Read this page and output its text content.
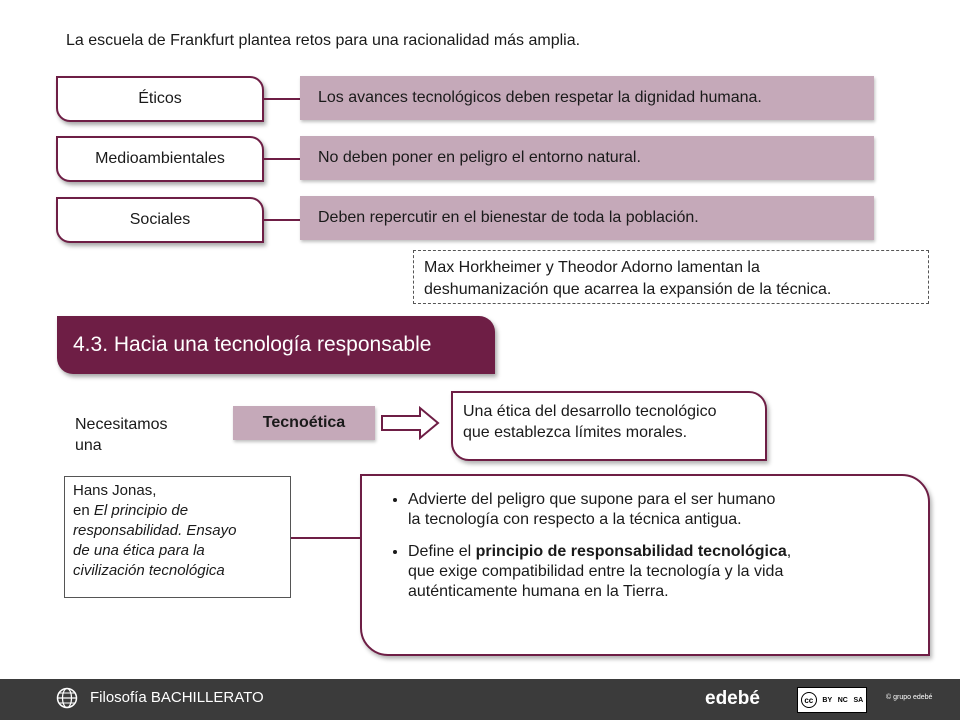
La escuela de Frankfurt plantea retos para una racionalidad más amplia.
Éticos	Los avances tecnológicos deben respetar la dignidad humana.
Medioambientales	No deben poner en peligro el entorno natural.
Sociales	Deben repercutir en el bienestar de toda la población.
Max Horkheimer y Theodor Adorno lamentan la
deshumanización que acarrea la expansión de la técnica.
4.3. Hacia una tecnología responsable
Necesitamos
una
Tecnoética
Una ética del desarrollo tecnológico
que establezca límites morales.
Hans Jonas,
en El principio de
responsabilidad. Ensayo
de una ética para la
civilización tecnológica
• Advierte del peligro que supone para el ser humano
la tecnología con respecto a la técnica antigua.
• Define el principio de responsabilidad tecnológica,
que exige compatibilidad entre la tecnología y la vida
auténticamente humana en la Tierra.
Filosofía BACHILLERATO	edebé	cc	BY NC SA	© grupo edebé
